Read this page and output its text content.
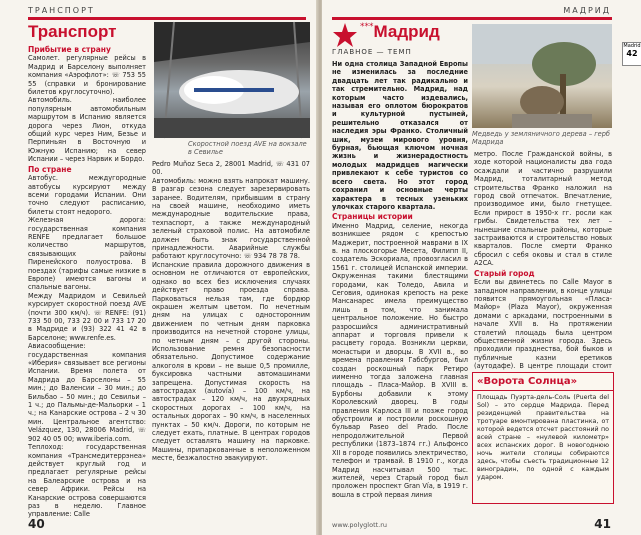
ТРАНСПОРТ
Транспорт
Прибытие в страну

Самолет. регулярные рейсы в Мадрид и Барселону выполняет компания «Аэрофлот»: ☏ 753 55 55 (справки и бронирование билетов круглосуточно).

Автомобиль. наиболее популярным автомобильным маршрутом в Испанию является дорога через Лион, откуда общий курс через Ним, Безье и Перпиньян в Восточную и Южную Испанию; на север Испании – через Нарвик и Бордо.

По стране

Автобус. междугородные автобусы курсируют между всеми городами Испании. Они точно следуют расписанию, билеты стоят недорого.

Железная дорога: государственная компания RENFE предлагает большое количество маршрутов, связывающих районы Пиренейского полуострова. В поездах (тарифы самые низкие в Европе) имеются вагоны и спальные вагоны.

Между Мадридом и Севильей курсирует скоростной поезд AVE (почти 300 км/ч). ☏ RENFE: (91) 733 50 00, 733 22 00 и 733 17 20 в Мадриде и (93) 322 41 42 в Барселоне; www.renfe.es.

Авиасообщение: государственная компания «Иберия» связывает все регионы Испании. Время полета от Мадрида до Барселоны – 55 мин.; до Валенсии – 30 мин.; до Бильбао – 50 мин.; до Севильи – 1 ч.; до Пальмы-де-Мальорки – 1 ч.; на Канарские острова – 2 ч 30 мин. Центральное агентство: Velázquez, 130, 28006 Madrid, ☏ 902 40 05 00; www.iberia.com.

Теплоход: государственная компания «Трансмедитеррэнеа» действует круглый год и предлагает регулярные рейсы на Балеарские острова и на север Африки. Рейсы на Канарские острова совершаются раз в неделю. Главное управление: Calle

Скоростной поезд AVE на вокзале в Севилье

Pedro Muñoz Seca 2, 28001 Madrid, ☏ 431 07 00.

Автомобиль: можно взять напрокат машину. В разгар сезона следует зарезервировать заранее. Водителям, прибывшим в страну на своей машине, необходимо иметь международные водительские права, техпаспорт, а также международный зеленый страховой полис. На автомобиле должен быть знак государственной принадлежности. Аварийные службы работают круглосуточно: ☏ 934 78 78 78.

Испанские правила дорожного движения в основном не отличаются от европейских, однако во всех без исключения случаях действует право проезда справа. Парковаться нельзя там, где бордюр окрашен желтым цветом. По нечетным дням на улицах с односторонним движением по четным дням парковка производится на нечетной стороне улицы, по четным дням – с другой стороны. Использование ремня безопасности обязательно. Допустимое содержание алкоголя в крови – не выше 0,5 промилле, буксировка частными автомашинами запрещена. Допустимая скорость на автострадах (autovía) – 100 км/ч, на автострадах – 120 км/ч, на двухрядных скоростных дорогах – 100 км/ч, на остальных дорогах – 90 км/ч, в населенных пунктах – 50 км/ч. Дороги, по которым не следует ехать, платные. В центрах городов следует оставлять машину на парковке. Машины, припаркованные в неположенном месте, безжалостно эвакуируют.

40
МАДРИД
***Мадрид
ГЛАВНОЕ — ТЕМП

Ни одна столица Западной Европы не изменилась за последние двадцать лет так радикально и так стремительно. Мадрид, над которым часто издевались, называя его оплотом бюрократов и культурной пустыней, решительно отказался от наследия эры Франко. Столичный шик, музеи мирового уровня, бурная, бьющая ключом ночная жизнь и жизнерадостность молодых мадридцев магически привлекают к себе туристов со всего света. Но этот город сохранил и основные черты характера в тесных узеньких улочках старого квартала.

Страницы истории

Именно Мадрид, селение, некогда возникшее рядом с крепостью Маджерит, построенной маврами в IX в. на плоскогорье Месета, Филипп II, создатель Эскориала, провозгласил в 1561 г. столицей Испанской империи. Окруженная такими блестящими городами, как Толедо, Авила и Сеговия, одинокая крепость на реке Мансанарес имела преимущество лишь в том, что занимала центральное положение. Но быстро разросшийся административный аппарат и торговля привели к расцвету города. Возникли церкви, монастыри и дворцы. В XVII в., во времена правления Габсбургов, был создан роскошный парк Ретиро иименно тогда заложена главная площадь – Пласа-Майор. В XVIII в. Бурбоны добавили к этому Королевский дворец. В годы правления Карлоса III и позже город обустроили и построили роскошную бульвар Paseo del Prado. После непродолжительной Первой республики (1873–1874 гг.) Альфонсо XII в городе появились электричество, телефон и трамвай. В 1910 г., когда Мадрид насчитывал 500 тыс. жителей, через Старый город был проложен проспект Gran Vía, в 1919 г. вошла в строй первая линия

Медведь у земляничного дерева – герб Мадрида

метро. После Гражданской войны, в ходе которой националисты два года осаждали и частично разрушили Мадрид, тоталитарный метод строительства Франко наложил на город свой отпечаток. Впечатление, производимое ими, было гнетущее. Если прирост в 1950-х гг. росли как грибы. Свидетельства тех лет – нынешние спальные районы, которые застраиваются и строительство новых кварталов. После смерти Франко сбросил с себя оковы и стал в стиле A2CA.

Старый город

Если вы двинетесь по Calle Mayor в западном направлении, в конце улицы появится прямоугольная «Пласа-Майор» (Plaza Mayor), окруженная домами с аркадами, построенными в начале XVII в. На протяжении столетий площадь была центром общественной жизни города. Здесь проходили празднества, бой быков и публичные казни еретиков (аутодафе). В центре площади стоит

«Ворота Солнца»
Площадь Пуэрта-дель-Соль (Puerta del Sol) – это сердце Мадрида. Перед резиденцией правительства на тротуаре вмонтирована пластинка, от которой ведется отсчет расстояний по всей стране – «нулевой километр» всех испанских дорог. В новогоднюю ночь жители столицы собираются здесь, чтобы съесть традиционные 12 виноградин, по одной с каждым ударом.
Madrid
42
www.polyglott.ru	41
